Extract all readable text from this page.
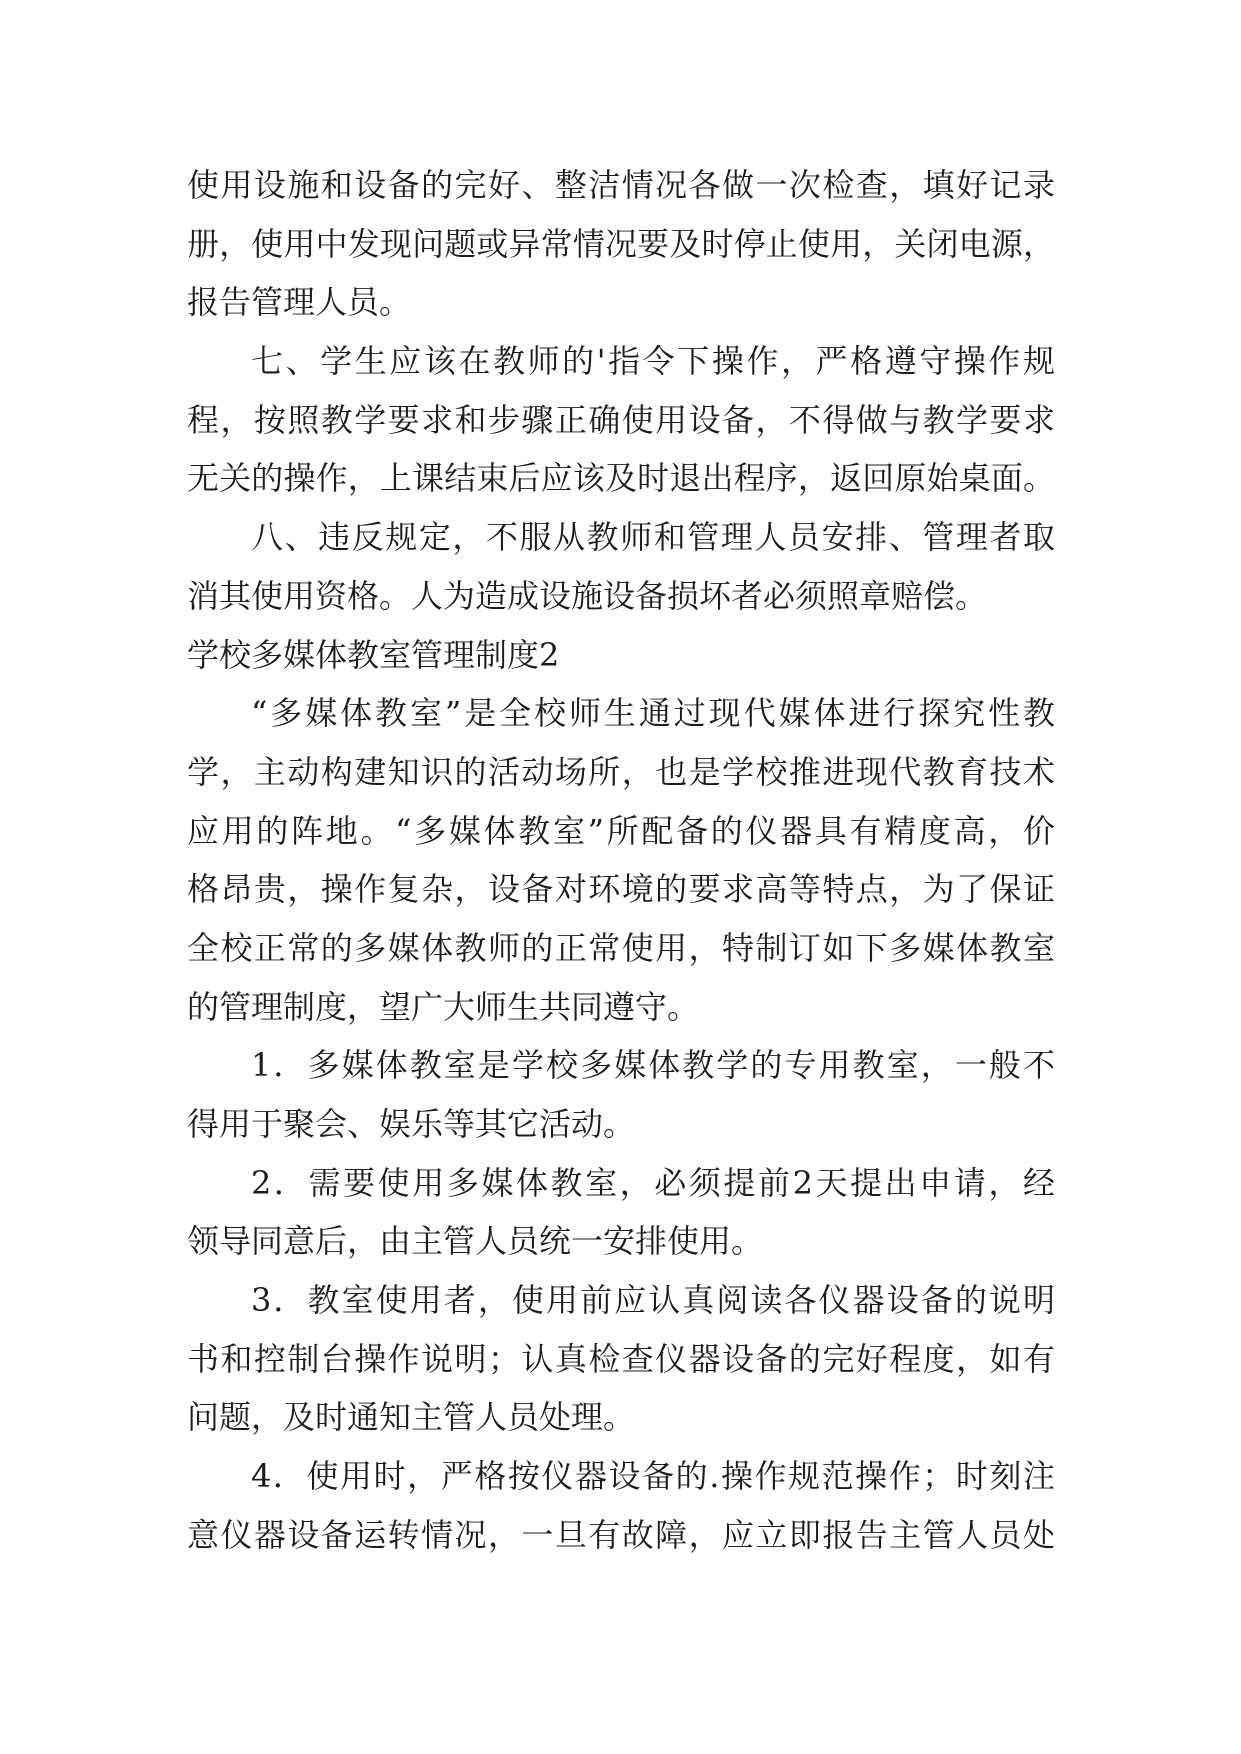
使用设施和设备的完好、整洁情况各做一次检查，填好记录
册，使用中发现问题或异常情况要及时停止使用，关闭电源，
报告管理人员。
七、学生应该在教师的'指令下操作，严格遵守操作规
程，按照教学要求和步骤正确使用设备，不得做与教学要求
无关的操作，上课结束后应该及时退出程序，返回原始桌面。
八、违反规定，不服从教师和管理人员安排、管理者取
消其使用资格。人为造成设施设备损坏者必须照章赔偿。
学校多媒体教室管理制度2
“多媒体教室”是全校师生通过现代媒体进行探究性教
学，主动构建知识的活动场所，也是学校推进现代教育技术
应用的阵地。“多媒体教室”所配备的仪器具有精度高，价
格昂贵，操作复杂，设备对环境的要求高等特点，为了保证
全校正常的多媒体教师的正常使用，特制订如下多媒体教室
的管理制度，望广大师生共同遵守。
1．多媒体教室是学校多媒体教学的专用教室，一般不
得用于聚会、娱乐等其它活动。
2．需要使用多媒体教室，必须提前2天提出申请，经
领导同意后，由主管人员统一安排使用。
3．教室使用者，使用前应认真阅读各仪器设备的说明
书和控制台操作说明；认真检查仪器设备的完好程度，如有
问题，及时通知主管人员处理。
4．使用时，严格按仪器设备的.操作规范操作；时刻注
意仪器设备运转情况，一旦有故障，应立即报告主管人员处
